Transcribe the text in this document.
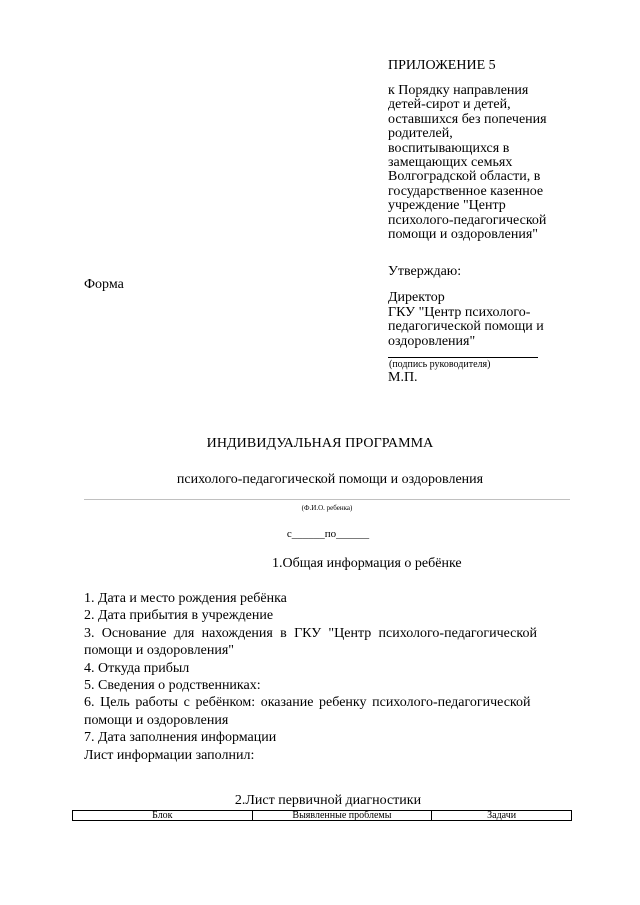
ПРИЛОЖЕНИЕ 5
к Порядку направления
детей-сирот и детей,
оставшихся без попечения
родителей,
воспитывающихся в
замещающих семьях
Волгоградской области, в
государственное казенное
учреждение "Центр
психолого-педагогической
помощи и оздоровления"
Форма
Утверждаю:
Директор
ГКУ "Центр психолого-
педагогической помощи и
оздоровления"
(подпись руководителя)
М.П.
ИНДИВИДУАЛЬНАЯ ПРОГРАММА
психолого-педагогической помощи и оздоровления
(Ф.И.О. ребенка)
с______по______
1.Общая информация о ребёнке
1. Дата и место рождения ребёнка
2. Дата прибытия в учреждение
3. Основание для нахождения в ГКУ "Центр психолого-педагогической
помощи и оздоровления"
4. Откуда прибыл
5. Сведения о родственниках:
6. Цель работы с ребёнком: оказание ребенку психолого-педагогической
помощи и оздоровления
7. Дата заполнения информации
Лист информации заполнил:
2.Лист первичной диагностики
Блок	Выявленные проблемы	Задачи
